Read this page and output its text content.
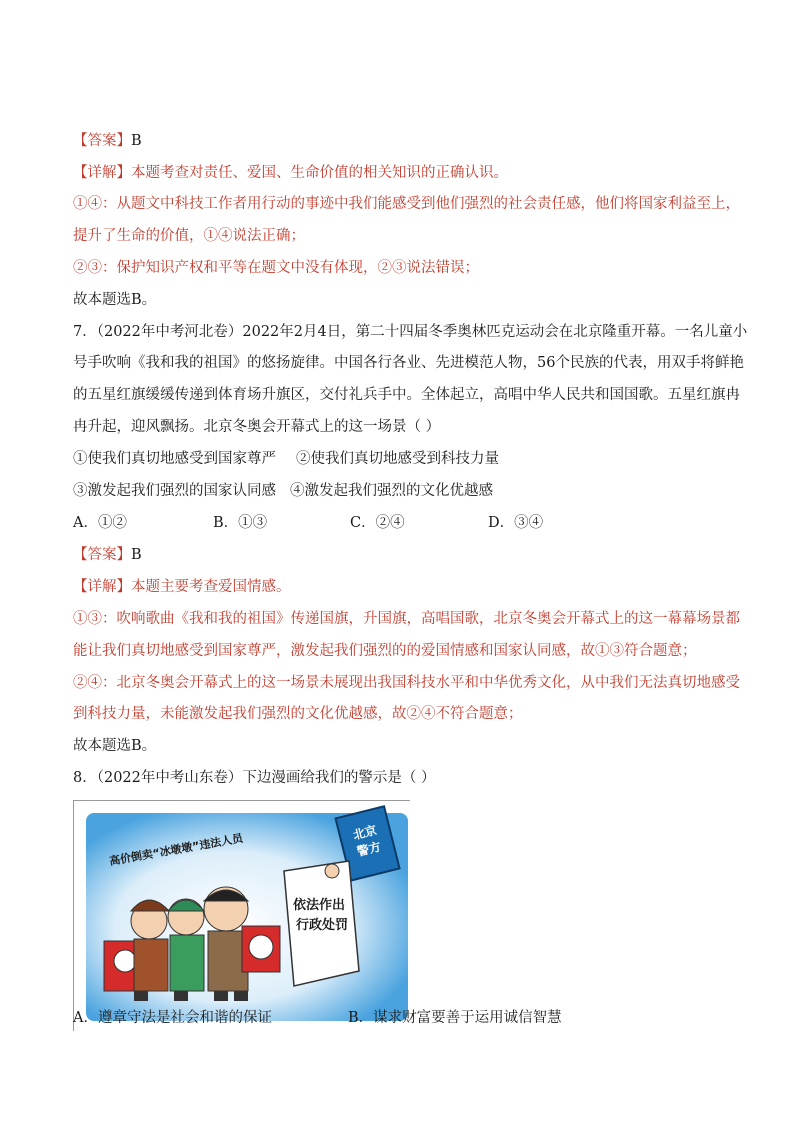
【答案】B
【详解】本题考查对责任、爱国、生命价值的相关知识的正确认识。
①④：从题文中科技工作者用行动的事迹中我们能感受到他们强烈的社会责任感，他们将国家利益至上，
提升了生命的价值，①④说法正确；
②③：保护知识产权和平等在题文中没有体现，②③说法错误；
故本题选B。
7．（2022年中考河北卷）2022年2月4日，第二十四届冬季奥林匹克运动会在北京隆重开幕。一名儿童小
号手吹响《我和我的祖国》的悠扬旋律。中国各行各业、先进模范人物，56个民族的代表，用双手将鲜艳
的五星红旗缓缓传递到体育场升旗区，交付礼兵手中。全体起立，高唱中华人民共和国国歌。五星红旗冉
冉升起，迎风飘扬。北京冬奥会开幕式上的这一场景（ ）
①使我们真切地感受到国家尊严 ②使我们真切地感受到科技力量
③激发起我们强烈的国家认同感 ④激发起我们强烈的文化优越感
A．①②	B．①③	C．②④	D．③④
【答案】B
【详解】本题主要考查爱国情感。
①③：吹响歌曲《我和我的祖国》传递国旗，升国旗，高唱国歌，北京冬奥会开幕式上的这一幕幕场景都
能让我们真切地感受到国家尊严，激发起我们强烈的的爱国情感和国家认同感，故①③符合题意；
②④：北京冬奥会开幕式上的这一场景未展现出我国科技水平和中华优秀文化，从中我们无法真切地感受
到科技力量，未能激发起我们强烈的文化优越感，故②④不符合题意；
故本题选B。
8．（2022年中考山东卷）下边漫画给我们的警示是（ ）
北京
警方
依法作出
行政处罚
高价倒卖“冰墩墩”违法人员
A．遵章守法是社会和谐的保证	B．谋求财富要善于运用诚信智慧
